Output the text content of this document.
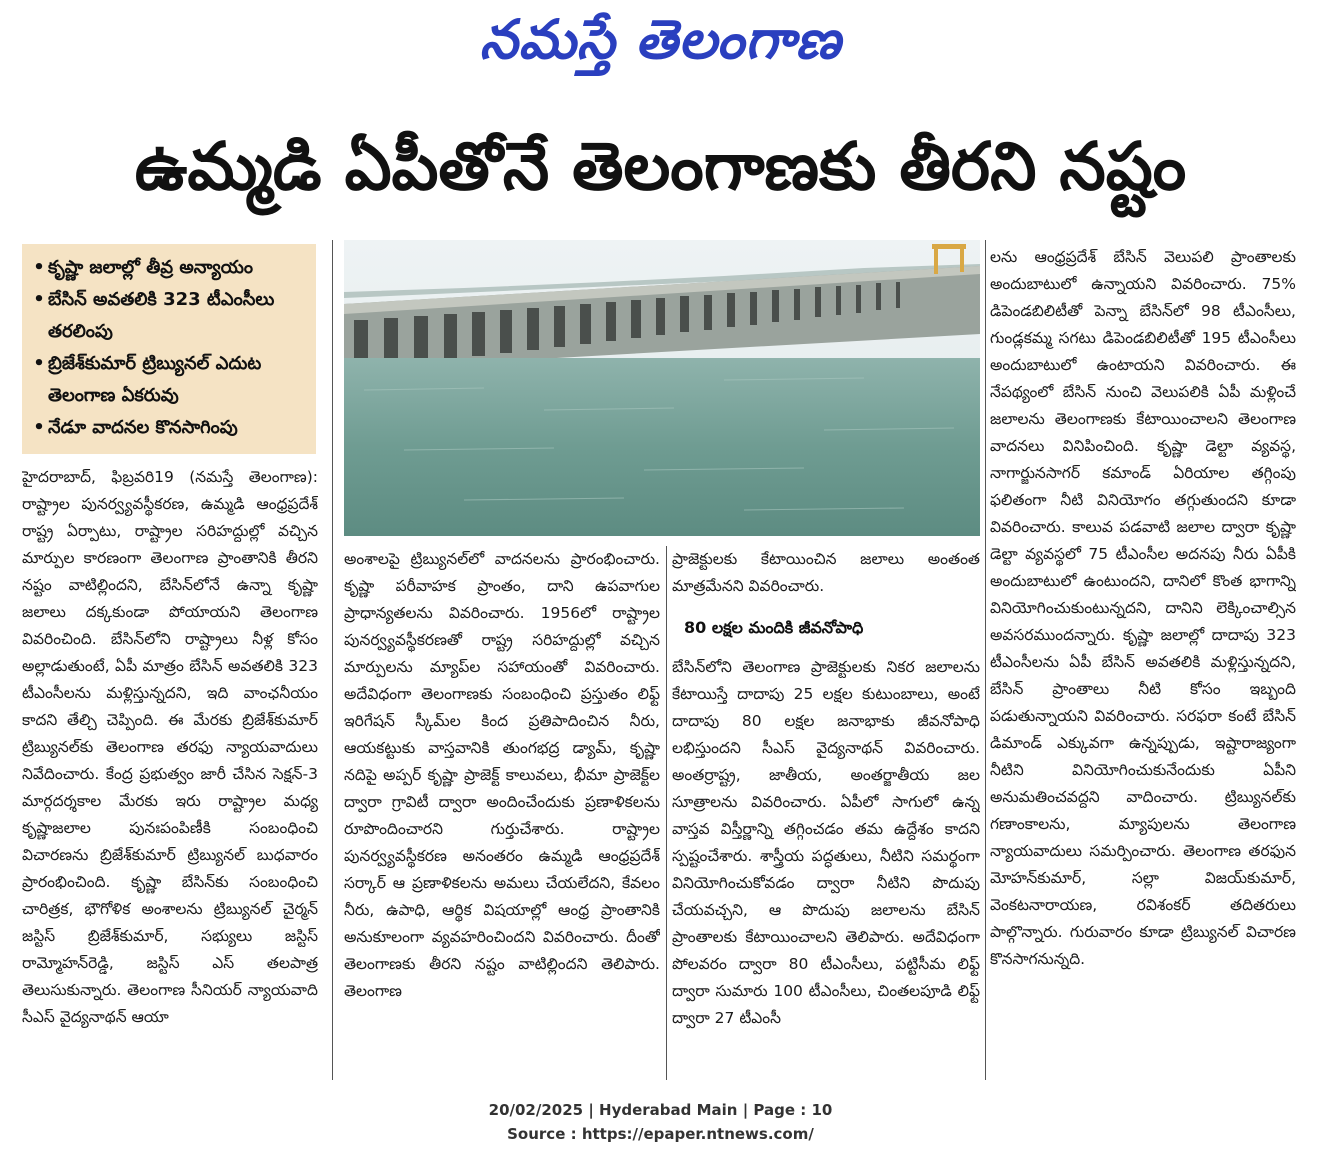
నమస్తే తెలంగాణ
ఉమ్మడి ఏపీతోనే తెలంగాణకు తీరని నష్టం
• కృష్ణా జలాల్లో తీవ్ర అన్యాయం
• బేసిన్ అవతలికి 323 టీఎంసీలు తరలింపు
• బ్రిజేశ్‌కుమార్ ట్రిబ్యునల్ ఎదుట తెలంగాణ ఏకరువు
• నేడూ వాదనల కొనసాగింపు

హైదరాబాద్, ఫిబ్రవరి19 (నమస్తే తెలంగాణ): రాష్ట్రాల పునర్వ్యవస్థీకరణ, ఉమ్మడి ఆంధ్రప్రదేశ్ రాష్ట్ర ఏర్పాటు, రాష్ట్రాల సరిహద్దుల్లో వచ్చిన మార్పుల కారణంగా తెలంగాణ ప్రాంతానికి తీరని నష్టం వాటిల్లిందని, బేసిన్‌లోనే ఉన్నా కృష్ణా జలాలు దక్కకుండా పోయాయని తెలంగాణ వివరించింది. బేసిన్‌లోని రాష్ట్రాలు నీళ్ల కోసం అల్లాడుతుంటే, ఏపీ మాత్రం బేసిన్ అవతలికి 323 టీఎంసీలను మళ్లిస్తున్నదని, ఇది వాంఛనీయం కాదని తేల్చి చెప్పింది. ఈ మేరకు బ్రిజేశ్‌కుమార్ ట్రిబ్యునల్‌కు తెలంగాణ తరఫు న్యాయవాదులు నివేదించారు. కేంద్ర ప్రభుత్వం జారీ చేసిన సెక్షన్-3 మార్గదర్శకాల మేరకు ఇరు రాష్ట్రాల మధ్య కృష్ణాజలాల పునఃపంపిణీకి సంబంధించి విచారణను బ్రిజేశ్‌కుమార్ ట్రిబ్యునల్ బుధవారం ప్రారంభించింది. కృష్ణా బేసిన్‌కు సంబంధించి చారిత్రక, భౌగోళిక అంశాలను ట్రిబ్యునల్ చైర్మన్ జస్టిస్ బ్రిజేశ్‌కుమార్, సభ్యులు జస్టిస్ రామ్మోహన్‌రెడ్డి, జస్టిస్ ఎస్ తలపాత్ర తెలుసుకున్నారు. తెలంగాణ సీనియర్ న్యాయవాది సీఎస్ వైద్యనాథన్ ఆయా

అంశాలపై ట్రిబ్యునల్‌లో వాదనలను ప్రారంభించారు. కృష్ణా పరీవాహక ప్రాంతం, దాని ఉపవాగుల ప్రాధాన్యతలను వివరించారు. 1956లో రాష్ట్రాల పునర్వ్యవస్థీకరణతో రాష్ట్ర సరిహద్దుల్లో వచ్చిన మార్పులను మ్యాప్‌ల సహాయంతో వివరించారు. అదేవిధంగా తెలంగాణకు సంబంధించి ప్రస్తుతం లిఫ్ట్ ఇరిగేషన్ స్కీమ్‌ల కింద ప్రతిపాదించిన నీరు, ఆయకట్టుకు వాస్తవానికి తుంగభద్ర డ్యామ్, కృష్ణా నదిపై అప్పర్ కృష్ణా ప్రాజెక్ట్ కాలువలు, భీమా ప్రాజెక్ట్‌ల ద్వారా గ్రావిటీ ద్వారా అందించేందుకు ప్రణాళికలను రూపొందించారని గుర్తుచేశారు. రాష్ట్రాల పునర్వ్యవస్థీకరణ అనంతరం ఉమ్మడి ఆంధ్రప్రదేశ్ సర్కార్ ఆ ప్రణాళికలను అమలు చేయలేదని, కేవలం నీరు, ఉపాధి, ఆర్థిక విషయాల్లో ఆంధ్ర ప్రాంతానికి అనుకూలంగా వ్యవహరించిందని వివరించారు. దీంతో తెలంగాణకు తీరని నష్టం వాటిల్లిందని తెలిపారు. తెలంగాణ

ప్రాజెక్టులకు కేటాయించిన జలాలు అంతంత మాత్రమేనని వివరించారు.

80 లక్షల మందికి జీవనోపాధి

బేసిన్‌లోని తెలంగాణ ప్రాజెక్టులకు నికర జలాలను కేటాయిస్తే దాదాపు 25 లక్షల కుటుంబాలు, అంటే దాదాపు 80 లక్షల జనాభాకు జీవనోపాధి లభిస్తుందని సీఎస్ వైద్యనాథన్ వివరించారు. అంతర్రాష్ట్ర, జాతీయ, అంతర్జాతీయ జల సూత్రాలను వివరించారు. ఏపీలో సాగులో ఉన్న వాస్తవ విస్తీర్ణాన్ని తగ్గించడం తమ ఉద్దేశం కాదని స్పష్టంచేశారు. శాస్త్రీయ పద్ధతులు, నీటిని సమర్థంగా వినియోగించుకోవడం ద్వారా నీటిని పొదుపు చేయవచ్చని, ఆ పొదుపు జలాలను బేసిన్ ప్రాంతాలకు కేటాయించాలని తెలిపారు. అదేవిధంగా పోలవరం ద్వారా 80 టీఎంసీలు, పట్టిసీమ లిఫ్ట్ ద్వారా సుమారు 100 టీఎంసీలు, చింతలపూడి లిఫ్ట్ ద్వారా 27 టీఎంసీ

లను ఆంధ్రప్రదేశ్ బేసిన్ వెలుపలి ప్రాంతాలకు అందుబాటులో ఉన్నాయని వివరించారు. 75% డిపెండబిలిటీతో పెన్నా బేసిన్‌లో 98 టీఎంసీలు, గుండ్లకమ్మ సగటు డిపెండబిలిటీతో 195 టీఎంసీలు అందుబాటులో ఉంటాయని వివరించారు. ఈ నేపథ్యంలో బేసిన్ నుంచి వెలుపలికి ఏపీ మళ్లించే జలాలను తెలంగాణకు కేటాయించాలని తెలంగాణ వాదనలు వినిపించింది. కృష్ణా డెల్టా వ్యవస్థ, నాగార్జునసాగర్ కమాండ్ ఏరియాల తగ్గింపు ఫలితంగా నీటి వినియోగం తగ్గుతుందని కూడా వివరించారు. కాలువ పడవాటి జలాల ద్వారా కృష్ణా డెల్టా వ్యవస్థలో 75 టీఎంసీల అదనపు నీరు ఏపీకి అందుబాటులో ఉంటుందని, దానిలో కొంత భాగాన్ని వినియోగించుకుంటున్నదని, దానిని లెక్కించాల్సిన అవసరముందన్నారు. కృష్ణా జలాల్లో దాదాపు 323 టీఎంసీలను ఏపీ బేసిన్ అవతలికి మళ్లిస్తున్నదని, బేసిన్ ప్రాంతాలు నీటి కోసం ఇబ్బంది పడుతున్నాయని వివరించారు. సరఫరా కంటే బేసిన్ డిమాండ్ ఎక్కువగా ఉన్నప్పుడు, ఇష్టారాజ్యంగా నీటిని వినియోగించుకునేందుకు ఏపీని అనుమతించవద్దని వాదించారు. ట్రిబ్యునల్‌కు గణాంకాలను, మ్యాపులను తెలంగాణ న్యాయవాదులు సమర్పించారు. తెలంగాణ తరఫున మోహన్‌కుమార్, సల్లా విజయ్‌కుమార్, వెంకటనారాయణ, రవిశంకర్ తదితరులు పాల్గొన్నారు. గురువారం కూడా ట్రిబ్యునల్ విచారణ కొనసాగనున్నది.

20/02/2025 | Hyderabad Main | Page : 10
Source : https://epaper.ntnews.com/
